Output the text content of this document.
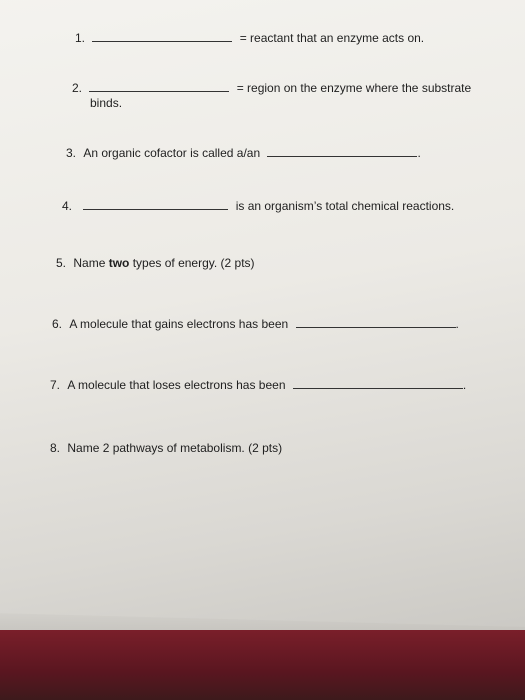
1.	= reactant that an enzyme acts on.
2.	= region on the enzyme where the substrate
binds.
3. An organic cofactor is called a/an	.
4.	is an organism’s total chemical reactions.
5. Name two types of energy. (2 pts)
6. A molecule that gains electrons has been	.
7. A molecule that loses electrons has been	.
8. Name 2 pathways of metabolism. (2 pts)
